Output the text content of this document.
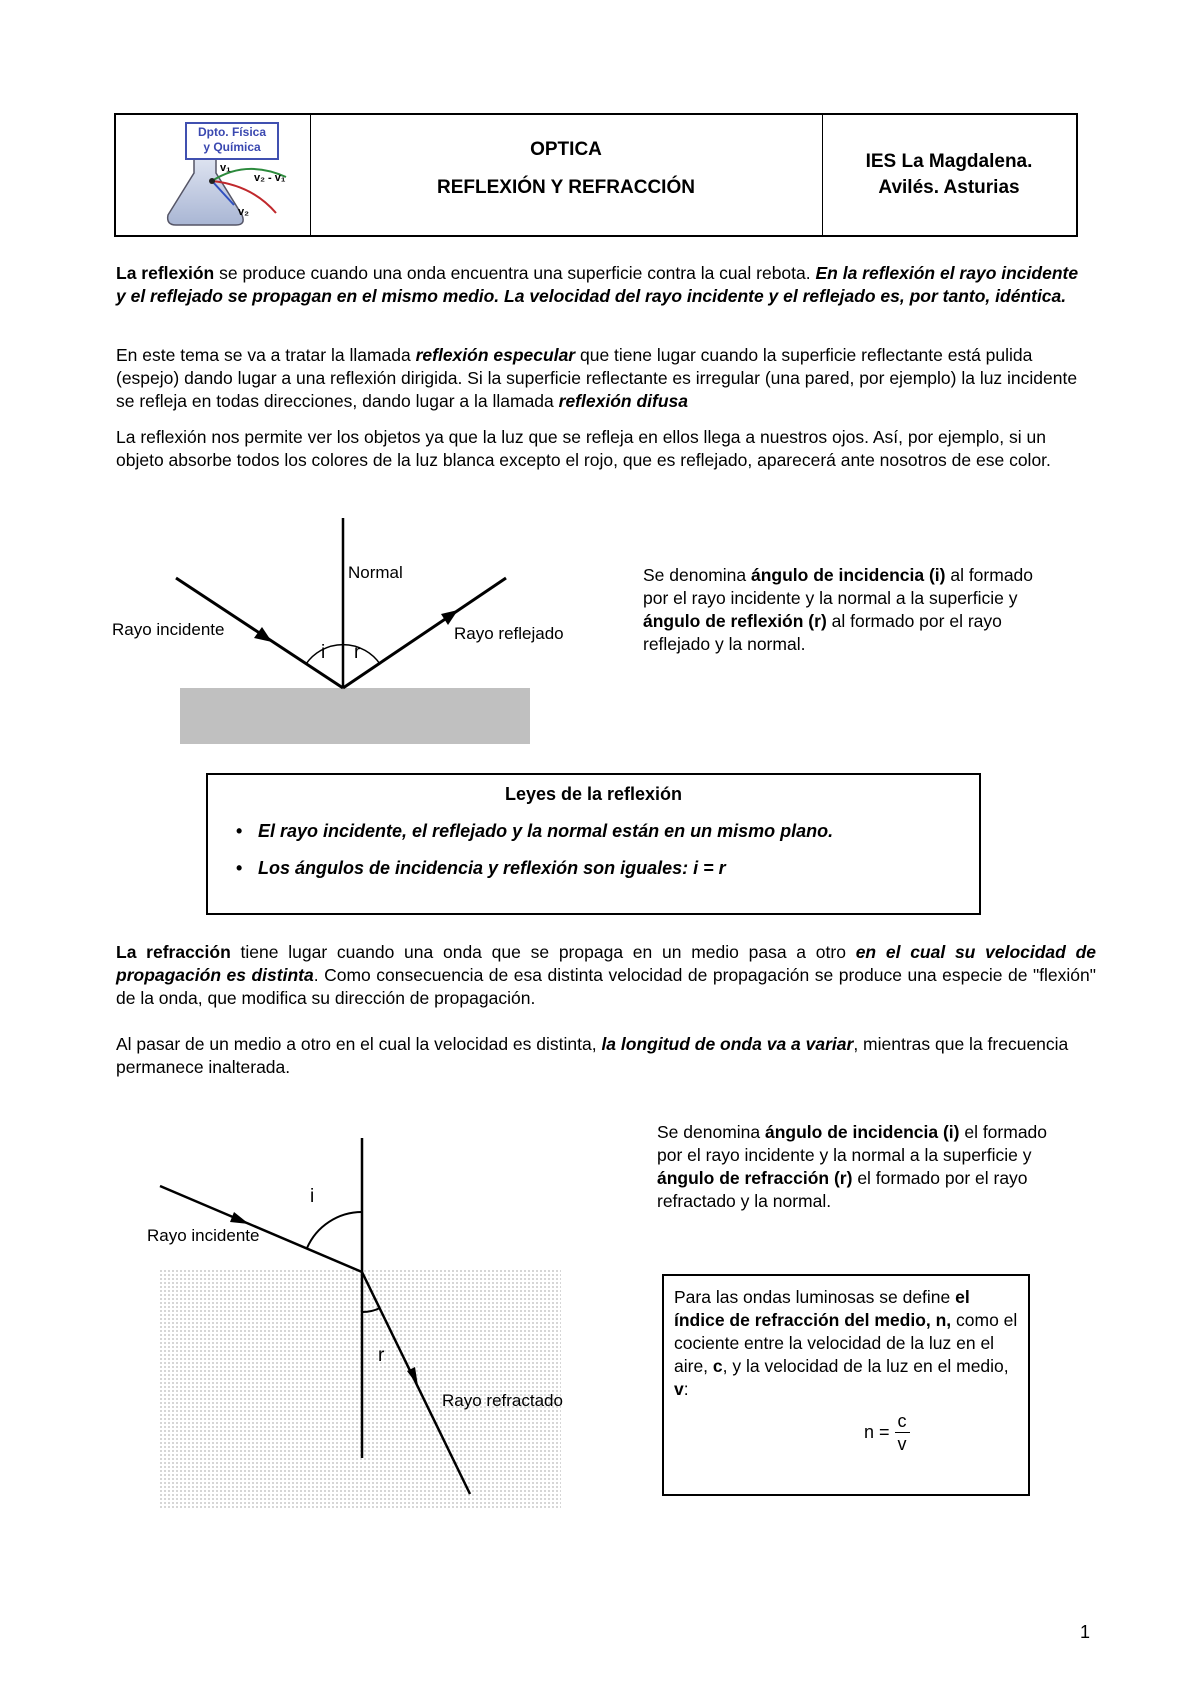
v₁
v₂ - v₁
v₂
Dpto. Física
y Química	OPTICA
REFLEXIÓN Y REFRACCIÓN
IES La Magdalena.
Avilés. Asturias

La reflexión se produce cuando una onda encuentra una superficie contra la cual rebota. En la reflexión el rayo incidente y el reflejado se propagan en el mismo medio. La velocidad del rayo incidente y el reflejado es, por tanto, idéntica.

En este tema se va a tratar la llamada reflexión especular que tiene lugar cuando la superficie reflectante está pulida (espejo) dando lugar a una reflexión dirigida. Si la superficie reflectante es irregular (una pared, por ejemplo) la luz incidente se refleja en todas direcciones, dando lugar a la llamada reflexión difusa

La reflexión nos permite ver los objetos ya que la luz que se refleja en ellos llega a nuestros ojos. Así, por ejemplo, si un objeto absorbe todos los colores de la luz blanca excepto el rojo, que es reflejado, aparecerá ante nosotros de ese color.

Normal
Rayo incidente	Rayo reflejado
i r

Se denomina ángulo de incidencia (i) al formado por el rayo incidente y la normal a la superficie y ángulo de reflexión (r) al formado por el rayo reflejado y la normal.

Leyes de la reflexión
• El rayo incidente, el reflejado y la normal están en un mismo plano.
• Los ángulos de incidencia y reflexión son iguales: i = r

La refracción tiene lugar cuando una onda que se propaga en un medio pasa a otro en el cual su velocidad de propagación es distinta. Como consecuencia de esa distinta velocidad de propagación se produce una especie de "flexión" de la onda, que modifica su dirección de propagación.

Al pasar de un medio a otro en el cual la velocidad es distinta, la longitud de onda va a variar, mientras que la frecuencia permanece inalterada.

i
Rayo incidente
r
Rayo refractado

Se denomina ángulo de incidencia (i) el formado por el rayo incidente y la normal a la superficie y ángulo de refracción (r) el formado por el rayo refractado y la normal.

Para las ondas luminosas se define el índice de refracción del medio, n, como el cociente entre la velocidad de la luz en el aire, c, y la velocidad de la luz en el medio, v:

$n = \frac{c}{v}$
1
